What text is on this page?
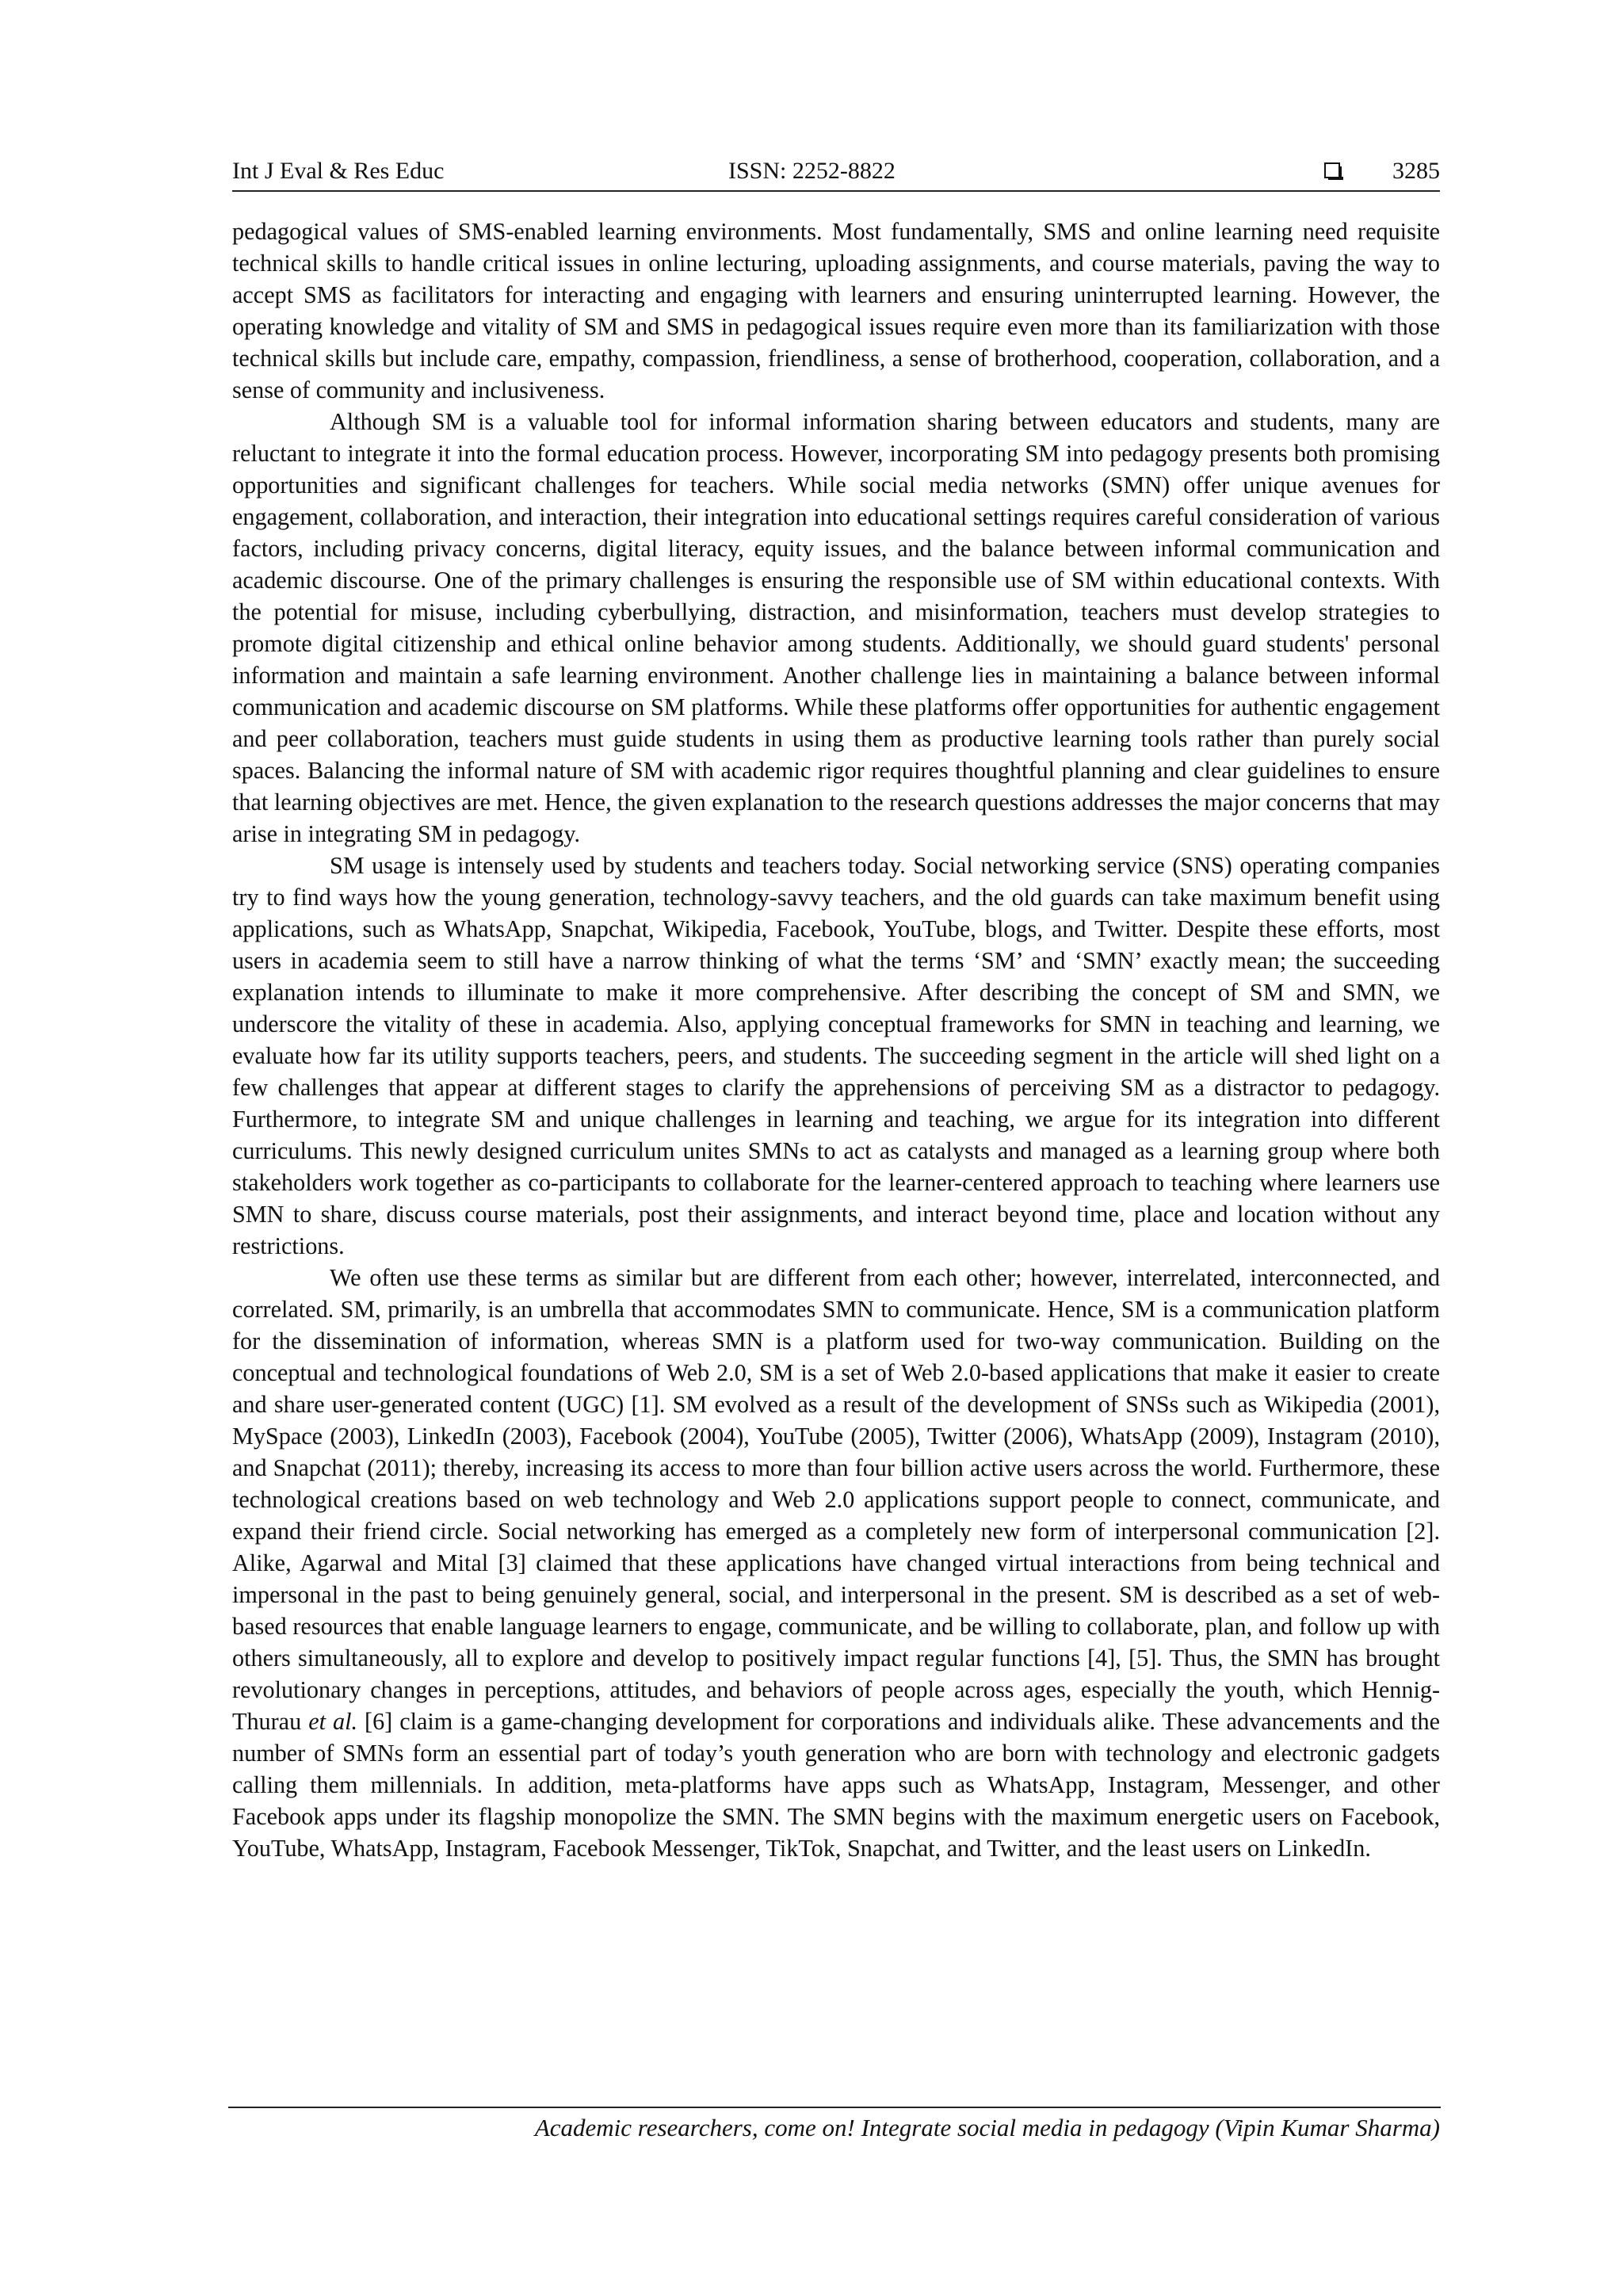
Int J Eval & Res Educ	ISSN: 2252-8822	3285

pedagogical values of SMS-enabled learning environments. Most fundamentally, SMS and online learning need requisite technical skills to handle critical issues in online lecturing, uploading assignments, and course materials, paving the way to accept SMS as facilitators for interacting and engaging with learners and ensuring uninterrupted learning. However, the operating knowledge and vitality of SM and SMS in pedagogical issues require even more than its familiarization with those technical skills but include care, empathy, compassion, friendliness, a sense of brotherhood, cooperation, collaboration, and a sense of community and inclusiveness.

Although SM is a valuable tool for informal information sharing between educators and students, many are reluctant to integrate it into the formal education process. However, incorporating SM into pedagogy presents both promising opportunities and significant challenges for teachers. While social media networks (SMN) offer unique avenues for engagement, collaboration, and interaction, their integration into educational settings requires careful consideration of various factors, including privacy concerns, digital literacy, equity issues, and the balance between informal communication and academic discourse. One of the primary challenges is ensuring the responsible use of SM within educational contexts. With the potential for misuse, including cyberbullying, distraction, and misinformation, teachers must develop strategies to promote digital citizenship and ethical online behavior among students. Additionally, we should guard students' personal information and maintain a safe learning environment. Another challenge lies in maintaining a balance between informal communication and academic discourse on SM platforms. While these platforms offer opportunities for authentic engagement and peer collaboration, teachers must guide students in using them as productive learning tools rather than purely social spaces. Balancing the informal nature of SM with academic rigor requires thoughtful planning and clear guidelines to ensure that learning objectives are met. Hence, the given explanation to the research questions addresses the major concerns that may arise in integrating SM in pedagogy.

SM usage is intensely used by students and teachers today. Social networking service (SNS) operating companies try to find ways how the young generation, technology-savvy teachers, and the old guards can take maximum benefit using applications, such as WhatsApp, Snapchat, Wikipedia, Facebook, YouTube, blogs, and Twitter. Despite these efforts, most users in academia seem to still have a narrow thinking of what the terms ‘SM’ and ‘SMN’ exactly mean; the succeeding explanation intends to illuminate to make it more comprehensive. After describing the concept of SM and SMN, we underscore the vitality of these in academia. Also, applying conceptual frameworks for SMN in teaching and learning, we evaluate how far its utility supports teachers, peers, and students. The succeeding segment in the article will shed light on a few challenges that appear at different stages to clarify the apprehensions of perceiving SM as a distractor to pedagogy. Furthermore, to integrate SM and unique challenges in learning and teaching, we argue for its integration into different curriculums. This newly designed curriculum unites SMNs to act as catalysts and managed as a learning group where both stakeholders work together as co-participants to collaborate for the learner-centered approach to teaching where learners use SMN to share, discuss course materials, post their assignments, and interact beyond time, place and location without any restrictions.

We often use these terms as similar but are different from each other; however, interrelated, interconnected, and correlated. SM, primarily, is an umbrella that accommodates SMN to communicate. Hence, SM is a communication platform for the dissemination of information, whereas SMN is a platform used for two-way communication. Building on the conceptual and technological foundations of Web 2.0, SM is a set of Web 2.0-based applications that make it easier to create and share user-generated content (UGC) [1]. SM evolved as a result of the development of SNSs such as Wikipedia (2001), MySpace (2003), LinkedIn (2003), Facebook (2004), YouTube (2005), Twitter (2006), WhatsApp (2009), Instagram (2010), and Snapchat (2011); thereby, increasing its access to more than four billion active users across the world. Furthermore, these technological creations based on web technology and Web 2.0 applications support people to connect, communicate, and expand their friend circle. Social networking has emerged as a completely new form of interpersonal communication [2]. Alike, Agarwal and Mital [3] claimed that these applications have changed virtual interactions from being technical and impersonal in the past to being genuinely general, social, and interpersonal in the present. SM is described as a set of web-based resources that enable language learners to engage, communicate, and be willing to collaborate, plan, and follow up with others simultaneously, all to explore and develop to positively impact regular functions [4], [5]. Thus, the SMN has brought revolutionary changes in perceptions, attitudes, and behaviors of people across ages, especially the youth, which Hennig-Thurau et al. [6] claim is a game-changing development for corporations and individuals alike. These advancements and the number of SMNs form an essential part of today’s youth generation who are born with technology and electronic gadgets calling them millennials. In addition, meta-platforms have apps such as WhatsApp, Instagram, Messenger, and other Facebook apps under its flagship monopolize the SMN. The SMN begins with the maximum energetic users on Facebook, YouTube, WhatsApp, Instagram, Facebook Messenger, TikTok, Snapchat, and Twitter, and the least users on LinkedIn.

Academic researchers, come on! Integrate social media in pedagogy (Vipin Kumar Sharma)
